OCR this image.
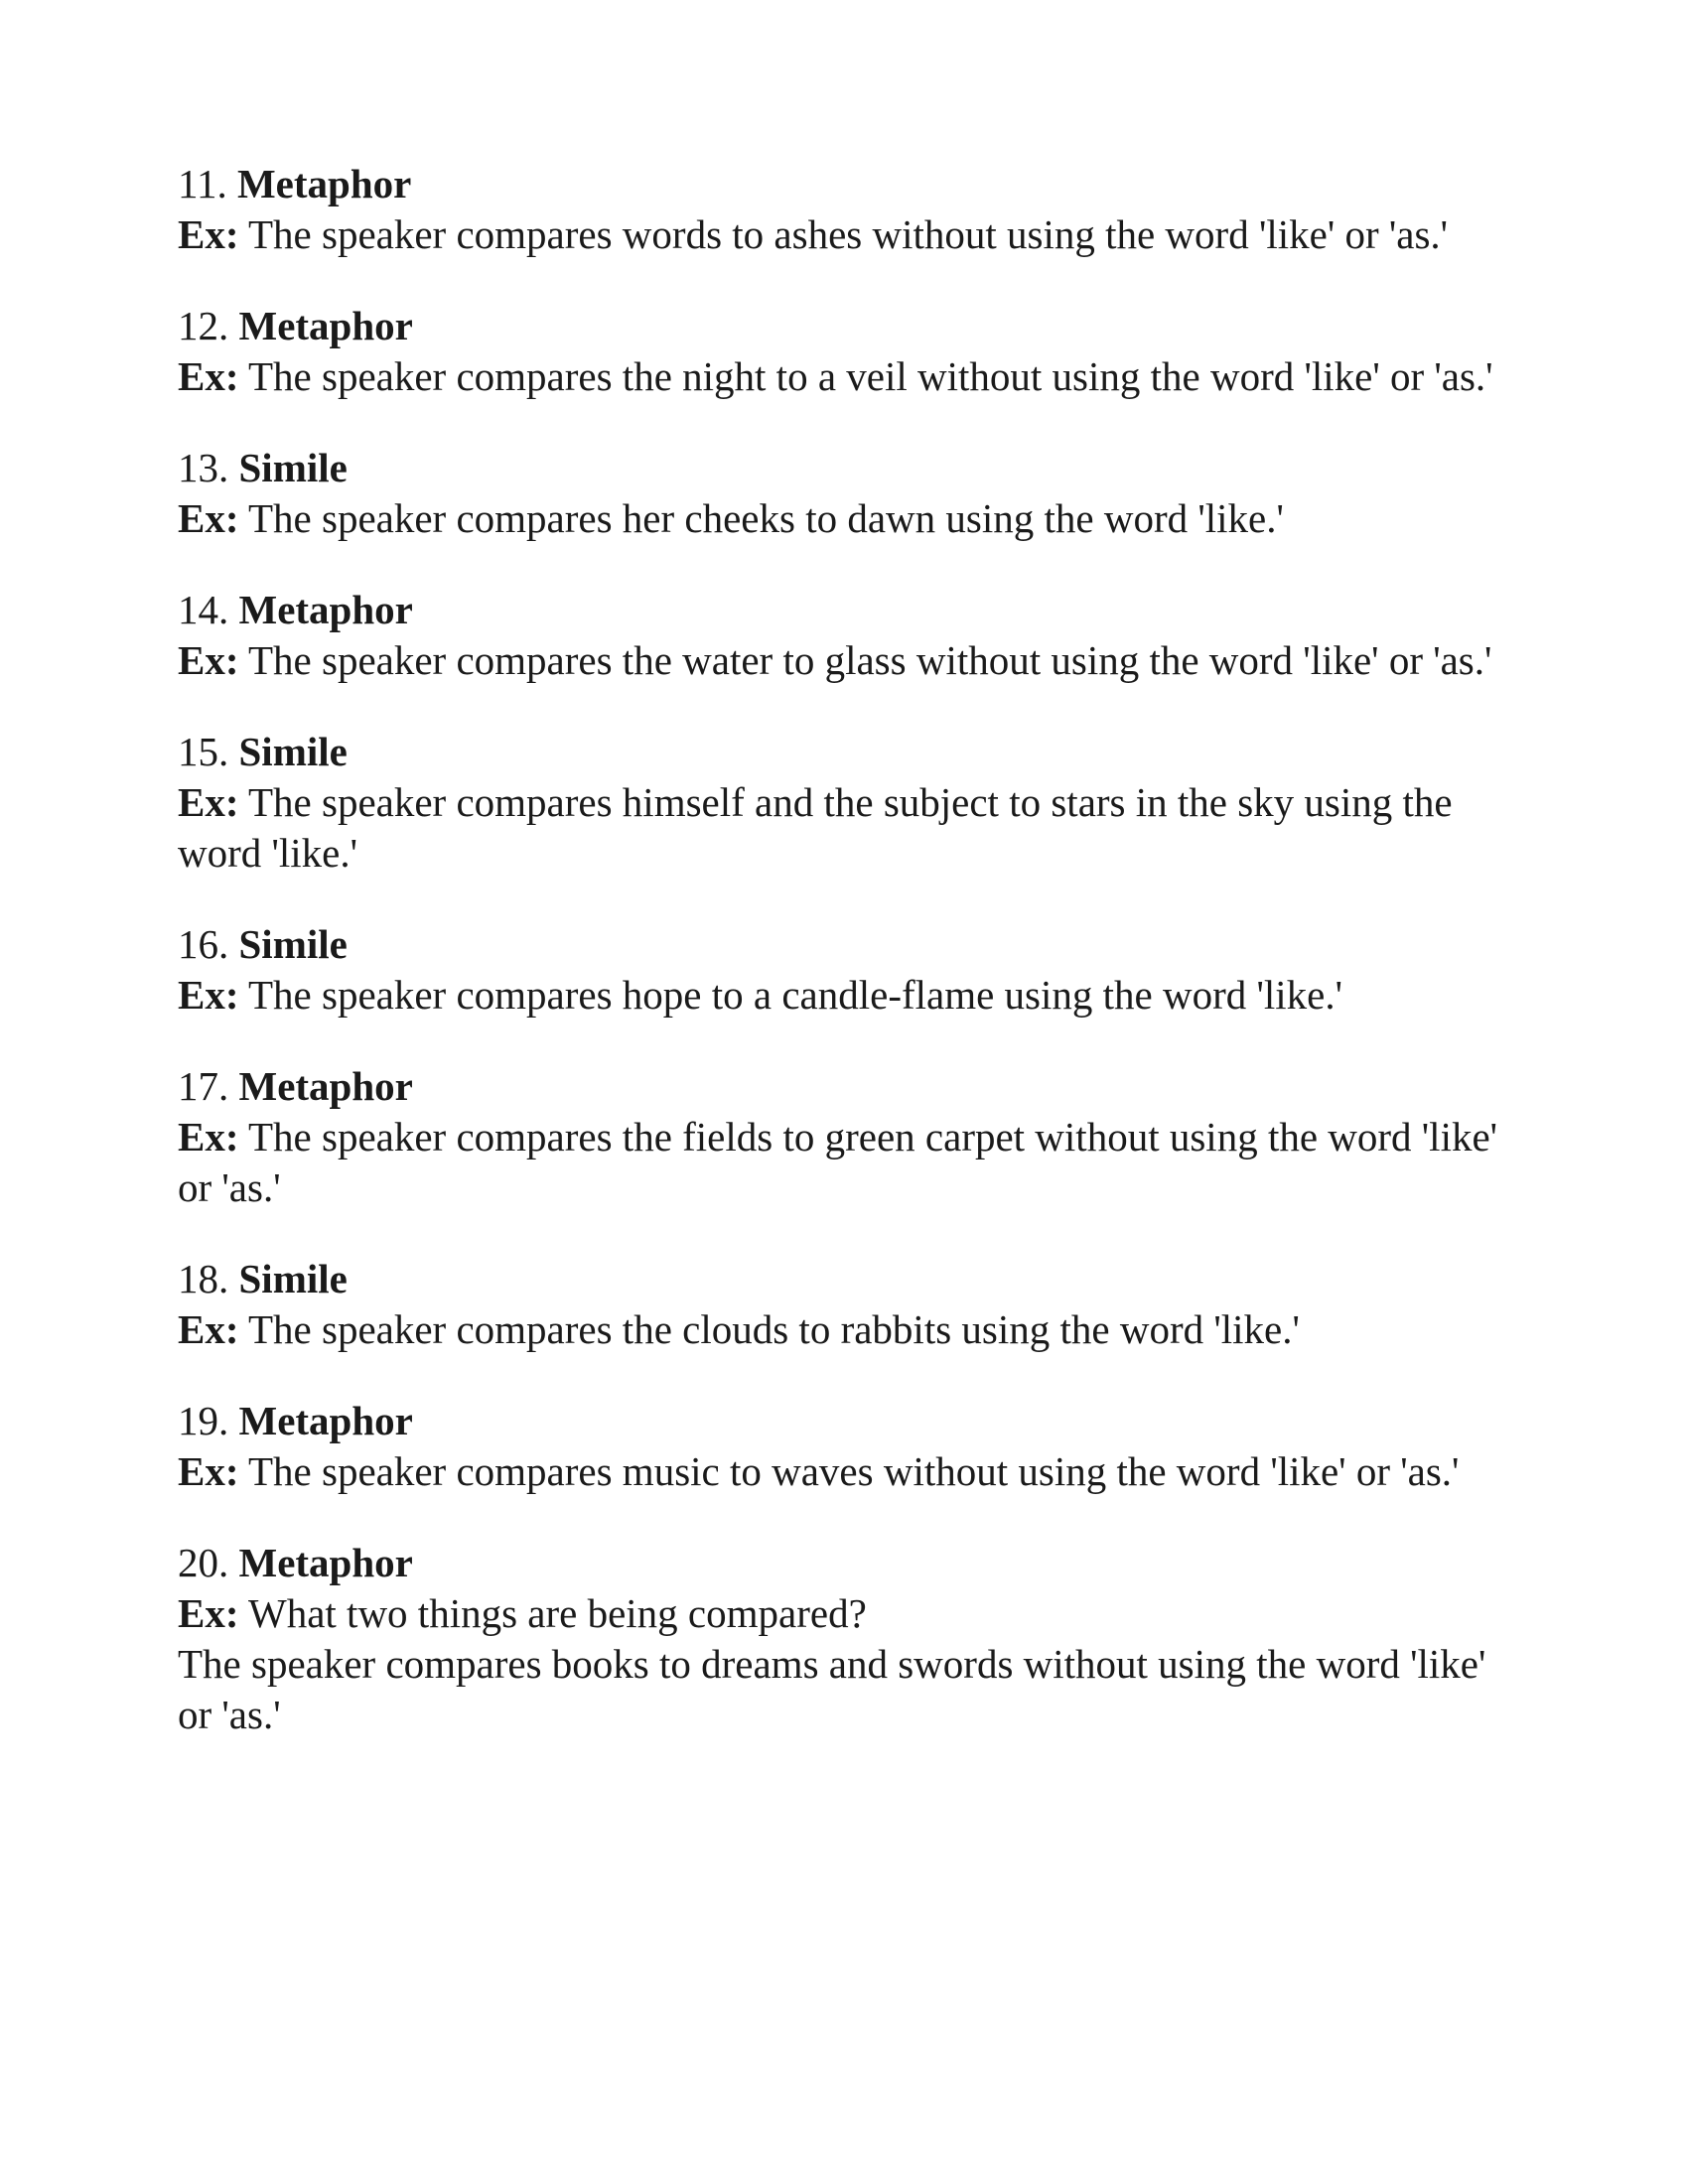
11. Metaphor

Ex: The speaker compares words to ashes without using the word 'like' or 'as.'

12. Metaphor

Ex: The speaker compares the night to a veil without using the word 'like' or 'as.'

13. Simile

Ex: The speaker compares her cheeks to dawn using the word 'like.'

14. Metaphor

Ex: The speaker compares the water to glass without using the word 'like' or 'as.'

15. Simile

Ex: The speaker compares himself and the subject to stars in the sky using the word 'like.'

16. Simile

Ex: The speaker compares hope to a candle-flame using the word 'like.'

17. Metaphor

Ex: The speaker compares the fields to green carpet without using the word 'like' or 'as.'

18. Simile

Ex: The speaker compares the clouds to rabbits using the word 'like.'

19. Metaphor

Ex: The speaker compares music to waves without using the word 'like' or 'as.'

20. Metaphor

Ex: What two things are being compared?

The speaker compares books to dreams and swords without using the word 'like' or 'as.'
